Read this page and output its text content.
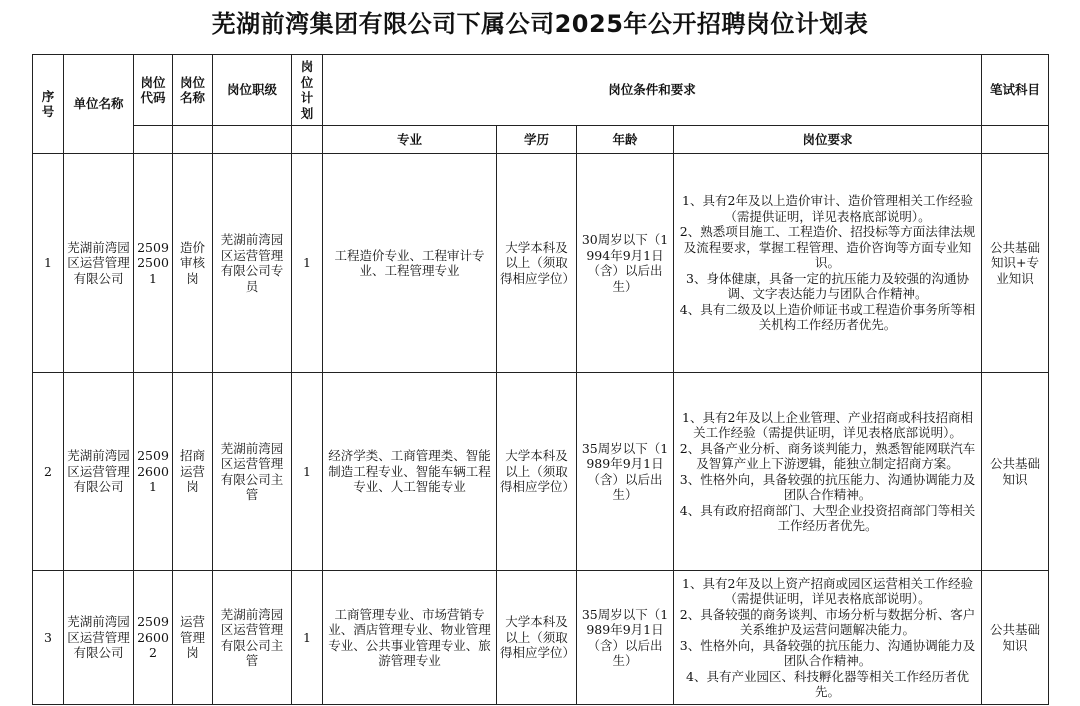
芜湖前湾集团有限公司下属公司2025年公开招聘岗位计划表
序号	单位名称	岗位代码	岗位名称	岗位职级	岗位计划	岗位条件和要求				笔试科目
						专业	学历	年龄	岗位要求	
1	芜湖前湾园区运营管理有限公司	250925001	造价审核岗	芜湖前湾园区运营管理有限公司专员	1	工程造价专业、工程审计专业、工程管理专业	大学本科及以上（须取得相应学位）	30周岁以下（1994年9月1日（含）以后出生）	1、具有2年及以上造价审计、造价管理相关工作经验（需提供证明，详见表格底部说明）。
2、熟悉项目施工、工程造价、招投标等方面法律法规及流程要求，掌握工程管理、造价咨询等方面专业知识。
3、身体健康，具备一定的抗压能力及较强的沟通协调、文字表达能力与团队合作精神。
4、具有二级及以上造价师证书或工程造价事务所等相关机构工作经历者优先。	公共基础知识+专业知识
2	芜湖前湾园区运营管理有限公司	250926001	招商运营岗	芜湖前湾园区运营管理有限公司主管	1	经济学类、工商管理类、智能制造工程专业、智能车辆工程专业、人工智能专业	大学本科及以上（须取得相应学位）	35周岁以下（1989年9月1日（含）以后出生）	1、具有2年及以上企业管理、产业招商或科技招商相关工作经验（需提供证明，详见表格底部说明）。
2、具备产业分析、商务谈判能力，熟悉智能网联汽车及智算产业上下游逻辑，能独立制定招商方案。
3、性格外向，具备较强的抗压能力、沟通协调能力及团队合作精神。
4、具有政府招商部门、大型企业投资招商部门等相关工作经历者优先。	公共基础知识
3	芜湖前湾园区运营管理有限公司	250926002	运营管理岗	芜湖前湾园区运营管理有限公司主管	1	工商管理专业、市场营销专业、酒店管理专业、物业管理专业、公共事业管理专业、旅游管理专业	大学本科及以上（须取得相应学位）	35周岁以下（1989年9月1日（含）以后出生）	1、具有2年及以上资产招商或园区运营相关工作经验（需提供证明，详见表格底部说明）。
2、具备较强的商务谈判、市场分析与数据分析、客户关系维护及运营问题解决能力。
3、性格外向，具备较强的抗压能力、沟通协调能力及团队合作精神。
4、具有产业园区、科技孵化器等相关工作经历者优先。	公共基础知识
